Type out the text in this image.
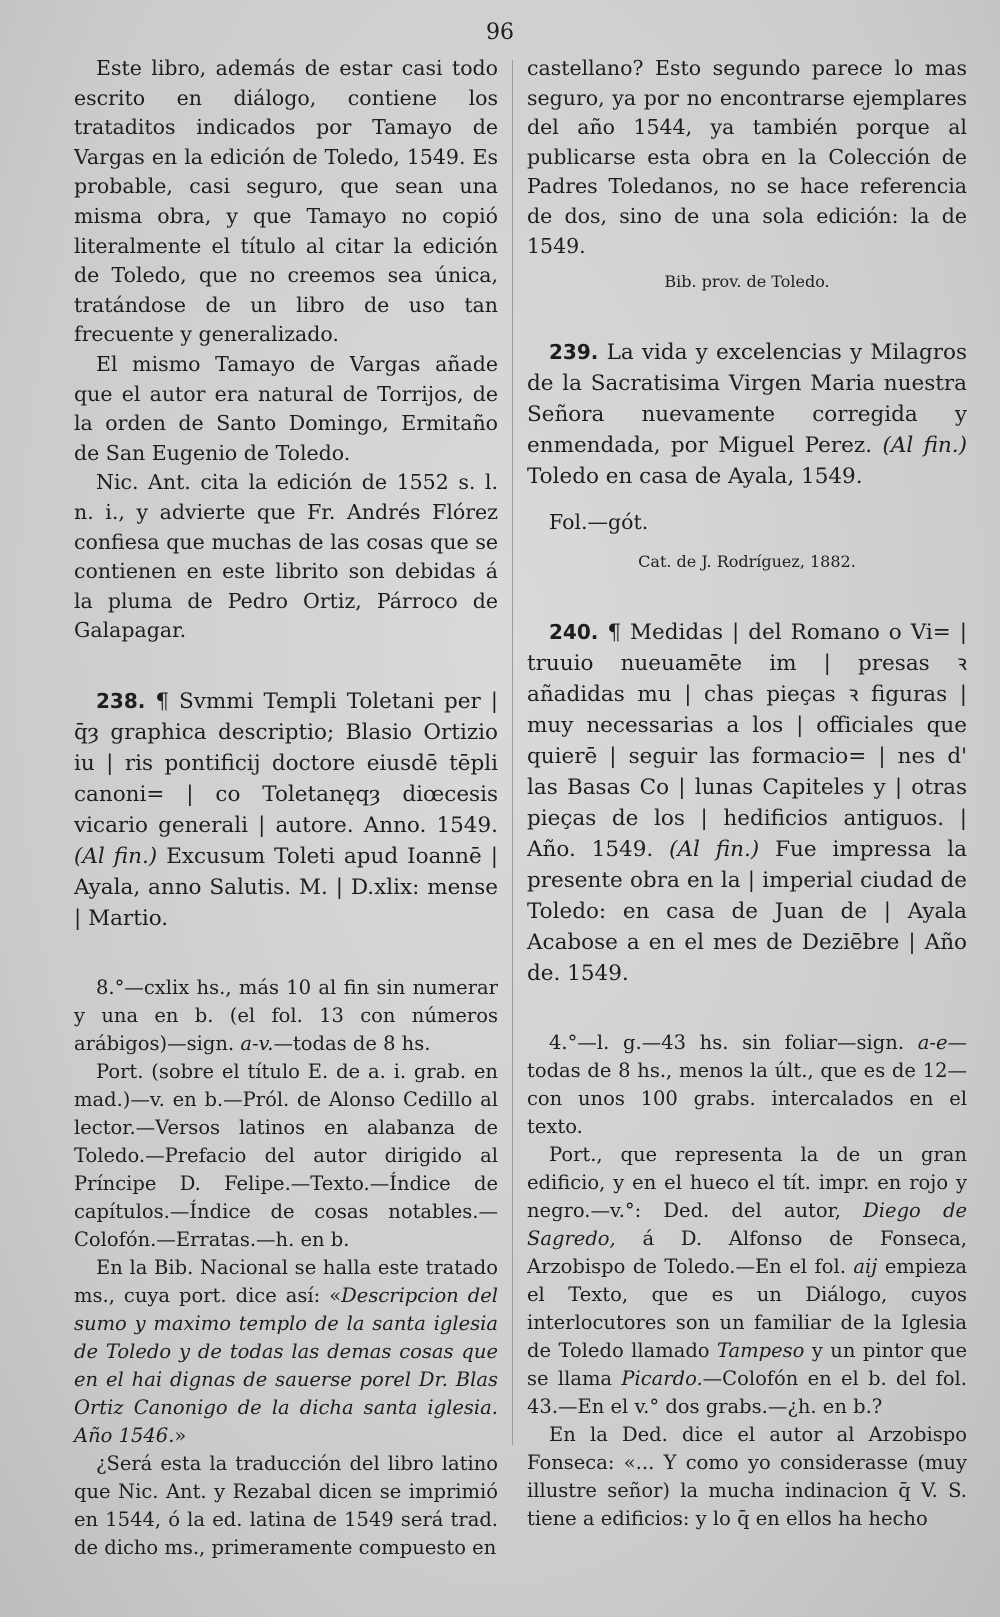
96

Este libro, además de estar casi todo escrito en diálogo, contiene los trataditos indicados por Tamayo de Vargas en la edición de Toledo, 1549. Es probable, casi seguro, que sean una misma obra, y que Tamayo no copió literalmente el título al citar la edición de Toledo, que no creemos sea única, tratándose de un libro de uso tan frecuente y generalizado.

El mismo Tamayo de Vargas añade que el autor era natural de Torrijos, de la orden de Santo Domingo, Ermitaño de San Eugenio de Toledo.

Nic. Ant. cita la edición de 1552 s. l. n. i., y advierte que Fr. Andrés Flórez confiesa que muchas de las cosas que se contienen en este librito son debidas á la pluma de Pedro Ortiz, Párroco de Galapagar.

238. ¶ Svmmi Templi Toletani per | q̄ȝ graphica descriptio; Blasio Ortizio iu | ris pontificij doctore eiusdē tēpli canoni= | co Toletanęqȝ diœcesis vicario generali | autore. Anno. 1549. (Al fin.) Excusum Toleti apud Ioannē | Ayala, anno Salutis. M. | D.xlix: mense | Martio.

8.°—cxlix hs., más 10 al fin sin numerar y una en b. (el fol. 13 con números arábigos)—sign. a-v.—todas de 8 hs.

Port. (sobre el título E. de a. i. grab. en mad.)—v. en b.—Pról. de Alonso Cedillo al lector.—Versos latinos en alabanza de Toledo.—Prefacio del autor dirigido al Príncipe D. Felipe.—Texto.—Índice de capítulos.—Índice de cosas notables.—Colofón.—Erratas.—h. en b.

En la Bib. Nacional se halla este tratado ms., cuya port. dice así: «Descripcion del sumo y maximo templo de la santa iglesia de Toledo y de todas las demas cosas que en el hai dignas de sauerse porel Dr. Blas Ortiz Canonigo de la dicha santa iglesia. Año 1546.»

¿Será esta la traducción del libro latino que Nic. Ant. y Rezabal dicen se imprimió en 1544, ó la ed. latina de 1549 será trad. de dicho ms., primeramente compuesto en

castellano? Esto segundo parece lo mas seguro, ya por no encontrarse ejemplares del año 1544, ya también porque al publicarse esta obra en la Colección de Padres Toledanos, no se hace referencia de dos, sino de una sola edición: la de 1549.

Bib. prov. de Toledo.

239. La vida y excelencias y Milagros de la Sacratisima Virgen Maria nuestra Señora nuevamente corregida y enmendada, por Miguel Perez. (Al fin.) Toledo en casa de Ayala, 1549.

Fol.—gót.

Cat. de J. Rodríguez, 1882.

240. ¶ Medidas | del Romano o Vi= | truuio nueuamēte im | presas ꝛ añadidas mu | chas pieças ꝛ figuras | muy necessarias a los | officiales que quierē | seguir las formacio= | nes d' las Basas Co | lunas Capiteles y | otras pieças de los | hedificios antiguos. | Año. 1549. (Al fin.) Fue impressa la presente obra en la | imperial ciudad de Toledo: en casa de Juan de | Ayala Acabose a en el mes de Deziēbre | Año de. 1549.

4.°—l. g.—43 hs. sin foliar—sign. a-e—todas de 8 hs., menos la últ., que es de 12—con unos 100 grabs. intercalados en el texto.

Port., que representa la de un gran edificio, y en el hueco el tít. impr. en rojo y negro.—v.°: Ded. del autor, Diego de Sagredo, á D. Alfonso de Fonseca, Arzobispo de Toledo.—En el fol. aij empieza el Texto, que es un Diálogo, cuyos interlocutores son un familiar de la Iglesia de Toledo llamado Tampeso y un pintor que se llama Picardo.—Colofón en el b. del fol. 43.—En el v.° dos grabs.—¿h. en b.?

En la Ded. dice el autor al Arzobispo Fonseca: «... Y como yo considerasse (muy illustre señor) la mucha indinacion q̄ V. S. tiene a edificios: y lo q̄ en ellos ha hecho
